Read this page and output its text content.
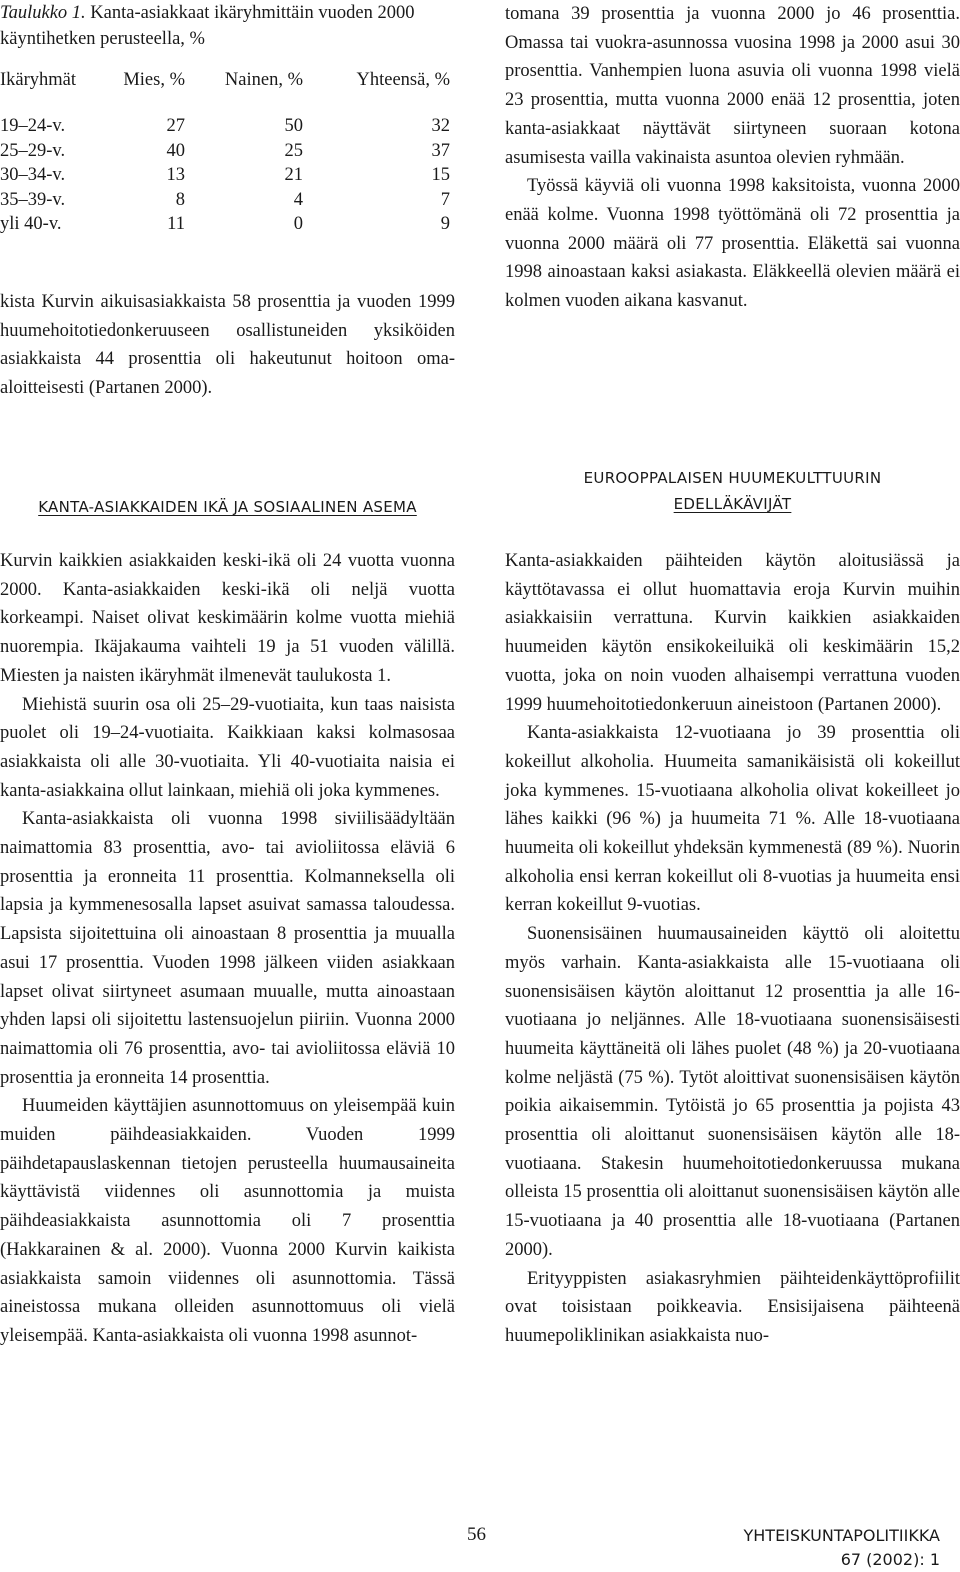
Taulukko 1. Kanta-asiakkaat ikäryhmittäin vuoden 2000 käyntihetken perusteella, %

Ikäryhmät	Mies, %	Nainen, %	Yhteensä, %

19–24-v.	27	50	32
25–29-v.	40	25	37
30–34-v.	13	21	15
35–39-v.	8	4	7
yli 40-v.	11	0	9

kista Kurvin aikuisasiakkaista 58 prosenttia ja vuoden 1999 huumehoitotiedonkeruuseen osallistuneiden yksiköiden asiakkaista 44 prosenttia oli hakeutunut hoitoon oma-aloitteisesti (Partanen 2000).

KANTA-ASIAKKAIDEN IKÄ JA SOSIAALINEN ASEMA

Kurvin kaikkien asiakkaiden keski-ikä oli 24 vuotta vuonna 2000. Kanta-asiakkaiden keski-ikä oli neljä vuotta korkeampi. Naiset olivat keskimäärin kolme vuotta miehiä nuorempia. Ikäjakauma vaihteli 19 ja 51 vuoden välillä. Miesten ja naisten ikäryhmät ilmenevät taulukosta 1.

Miehistä suurin osa oli 25–29-vuotiaita, kun taas naisista puolet oli 19–24-vuotiaita. Kaikkiaan kaksi kolmasosaa asiakkaista oli alle 30-vuotiaita. Yli 40-vuotiaita naisia ei kanta-asiakkaina ollut lainkaan, miehiä oli joka kymmenes.

Kanta-asiakkaista oli vuonna 1998 siviilisäädyltään naimattomia 83 prosenttia, avo- tai avioliitossa eläviä 6 prosenttia ja eronneita 11 prosenttia. Kolmanneksella oli lapsia ja kymmenesosalla lapset asuivat samassa taloudessa. Lapsista sijoitettuina oli ainoastaan 8 prosenttia ja muualla asui 17 prosenttia. Vuoden 1998 jälkeen viiden asiakkaan lapset olivat siirtyneet asumaan muualle, mutta ainoastaan yhden lapsi oli sijoitettu lastensuojelun piiriin. Vuonna 2000 naimattomia oli 76 prosenttia, avo- tai avioliitossa eläviä 10 prosenttia ja eronneita 14 prosenttia.

Huumeiden käyttäjien asunnottomuus on yleisempää kuin muiden päihdeasiakkaiden. Vuoden 1999 päihdetapauslaskennan tietojen perusteella huumausaineita käyttävistä viidennes oli asunnottomia ja muista päihdeasiakkaista asunnottomia oli 7 prosenttia (Hakkarainen & al. 2000). Vuonna 2000 Kurvin kaikista asiakkaista samoin viidennes oli asunnottomia. Tässä aineistossa mukana olleiden asunnottomuus oli vielä yleisempää. Kanta-asiakkaista oli vuonna 1998 asunnot-

tomana 39 prosenttia ja vuonna 2000 jo 46 prosenttia. Omassa tai vuokra-asunnossa vuosina 1998 ja 2000 asui 30 prosenttia. Vanhempien luona asuvia oli vuonna 1998 vielä 23 prosenttia, mutta vuonna 2000 enää 12 prosenttia, joten kanta-asiakkaat näyttävät siirtyneen suoraan kotona asumisesta vailla vakinaista asuntoa olevien ryhmään.

Työssä käyviä oli vuonna 1998 kaksitoista, vuonna 2000 enää kolme. Vuonna 1998 työttömänä oli 72 prosenttia ja vuonna 2000 määrä oli 77 prosenttia. Eläkettä sai vuonna 1998 ainoastaan kaksi asiakasta. Eläkkeellä olevien määrä ei kolmen vuoden aikana kasvanut.

EUROOPPALAISEN HUUMEKULTTUURIN
EDELLÄKÄVIJÄT

Kanta-asiakkaiden päihteiden käytön aloitusiässä ja käyttötavassa ei ollut huomattavia eroja Kurvin muihin asiakkaisiin verrattuna. Kurvin kaikkien asiakkaiden huumeiden käytön ensikokeiluikä oli keskimäärin 15,2 vuotta, joka on noin vuoden alhaisempi verrattuna vuoden 1999 huumehoitotiedonkeruun aineistoon (Partanen 2000).

Kanta-asiakkaista 12-vuotiaana jo 39 prosenttia oli kokeillut alkoholia. Huumeita samanikäisistä oli kokeillut joka kymmenes. 15-vuotiaana alkoholia olivat kokeilleet jo lähes kaikki (96 %) ja huumeita 71 %. Alle 18-vuotiaana huumeita oli kokeillut yhdeksän kymmenestä (89 %). Nuorin alkoholia ensi kerran kokeillut oli 8-vuotias ja huumeita ensi kerran kokeillut 9-vuotias.

Suonensisäinen huumausaineiden käyttö oli aloitettu myös varhain. Kanta-asiakkaista alle 15-vuotiaana oli suonensisäisen käytön aloittanut 12 prosenttia ja alle 16-vuotiaana jo neljännes. Alle 18-vuotiaana suonensisäisesti huumeita käyttäneitä oli lähes puolet (48 %) ja 20-vuotiaana kolme neljästä (75 %). Tytöt aloittivat suonensisäisen käytön poikia aikaisemmin. Tytöistä jo 65 prosenttia ja pojista 43 prosenttia oli aloittanut suonensisäisen käytön alle 18-vuotiaana. Stakesin huumehoitotiedonkeruussa mukana olleista 15 prosenttia oli aloittanut suonensisäisen käytön alle 15-vuotiaana ja 40 prosenttia alle 18-vuotiaana (Partanen 2000).

Erityyppisten asiakasryhmien päihteidenkäyttöprofiilit ovat toisistaan poikkeavia. Ensisijaisena päihteenä huumepoliklinikan asiakkaista nuo-

56	YHTEISKUNTAPOLITIIKKA
67 (2002): 1
